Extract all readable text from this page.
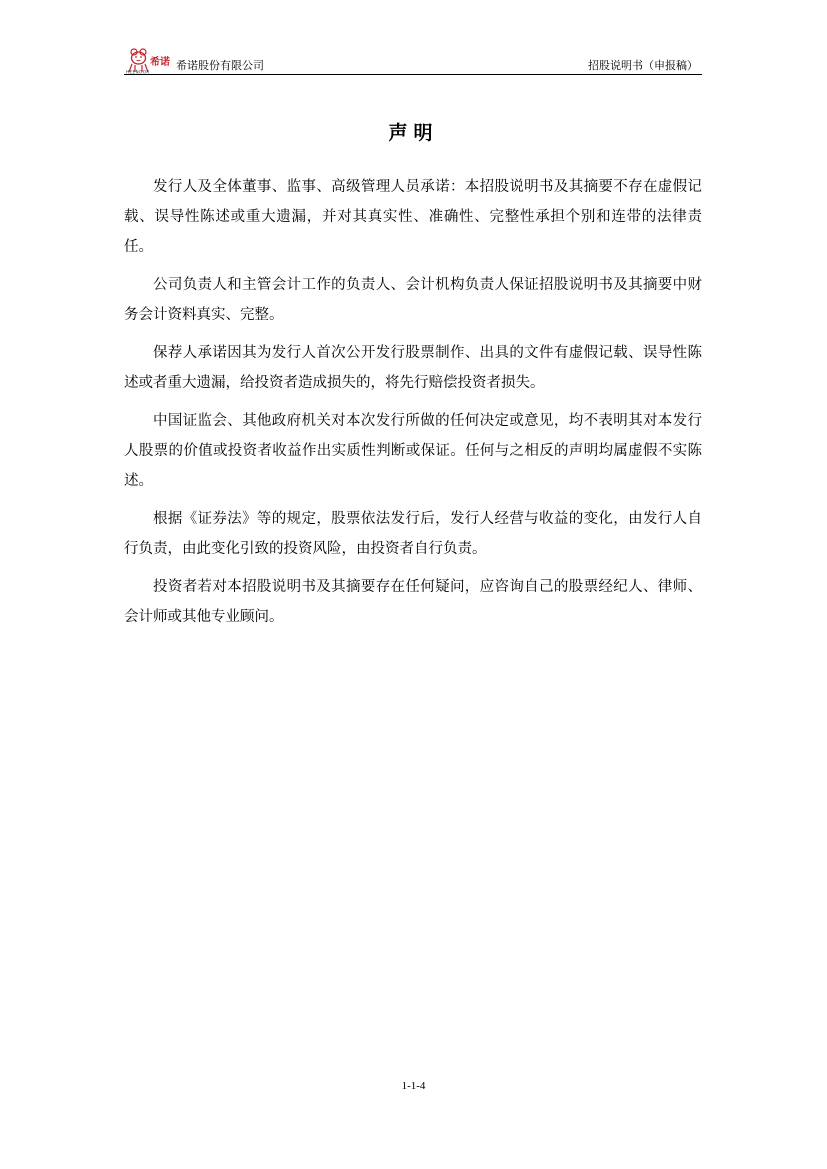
希诺
HEENOOR 希诺股份有限公司	招股说明书（申报稿）
声明

发行人及全体董事、监事、高级管理人员承诺：本招股说明书及其摘要不存在虚假记载、误导性陈述或重大遗漏，并对其真实性、准确性、完整性承担个别和连带的法律责任。

公司负责人和主管会计工作的负责人、会计机构负责人保证招股说明书及其摘要中财务会计资料真实、完整。

保荐人承诺因其为发行人首次公开发行股票制作、出具的文件有虚假记载、误导性陈述或者重大遗漏，给投资者造成损失的，将先行赔偿投资者损失。

中国证监会、其他政府机关对本次发行所做的任何决定或意见，均不表明其对本发行人股票的价值或投资者收益作出实质性判断或保证。任何与之相反的声明均属虚假不实陈述。

根据《证券法》等的规定，股票依法发行后，发行人经营与收益的变化，由发行人自行负责，由此变化引致的投资风险，由投资者自行负责。

投资者若对本招股说明书及其摘要存在任何疑问，应咨询自己的股票经纪人、律师、会计师或其他专业顾问。

1-1-4
